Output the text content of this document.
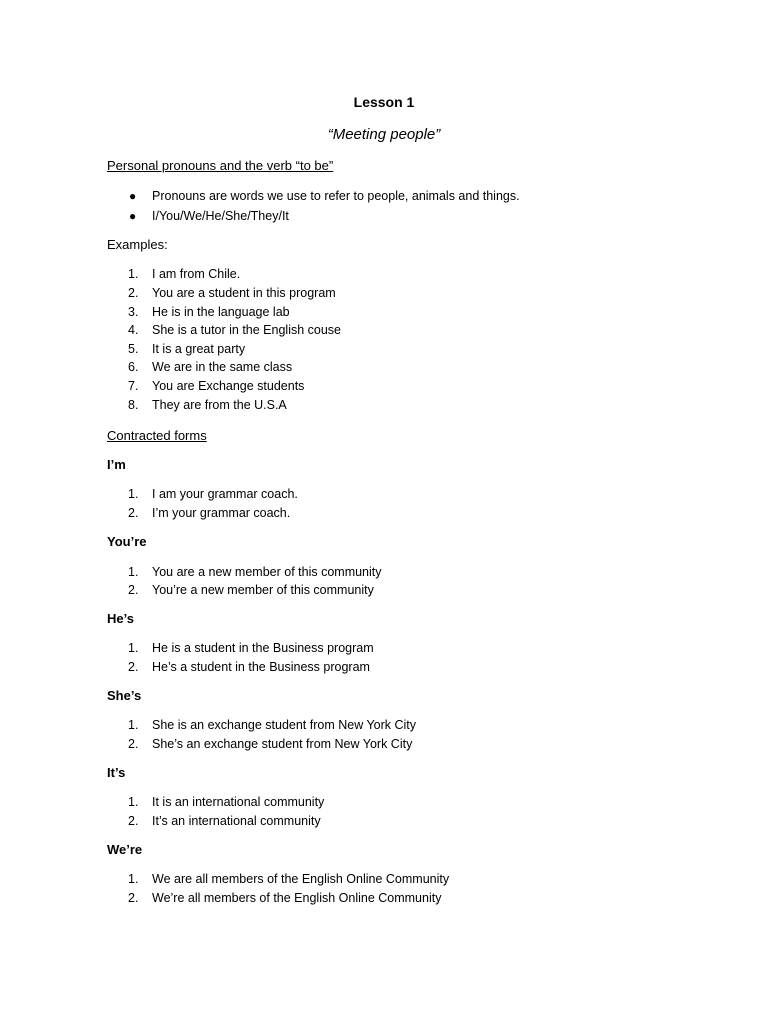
Lesson 1

“Meeting people”

Personal pronouns and the verb “to be”

● Pronouns are words we use to refer to people, animals and things.
● I/You/We/He/She/They/It

Examples:

1.	I am from Chile.
2.	You are a student in this program
3.	He is in the language lab
4.	She is a tutor in the English couse
5.	It is a great party
6.	We are in the same class
7.	You are Exchange students
8.	They are from the U.S.A

Contracted forms

I’m

1.	I am your grammar coach.
2.	I’m your grammar coach.

You’re

1.	You are a new member of this community
2.	You’re a new member of this community

He’s

1.	He is a student in the Business program
2.	He’s a student in the Business program

She’s

1.	She is an exchange student from New York City
2.	She’s an exchange student from New York City

It’s

1.	It is an international community
2.	It’s an international community

We’re

1.	We are all members of the English Online Community
2.	We’re all members of the English Online Community
